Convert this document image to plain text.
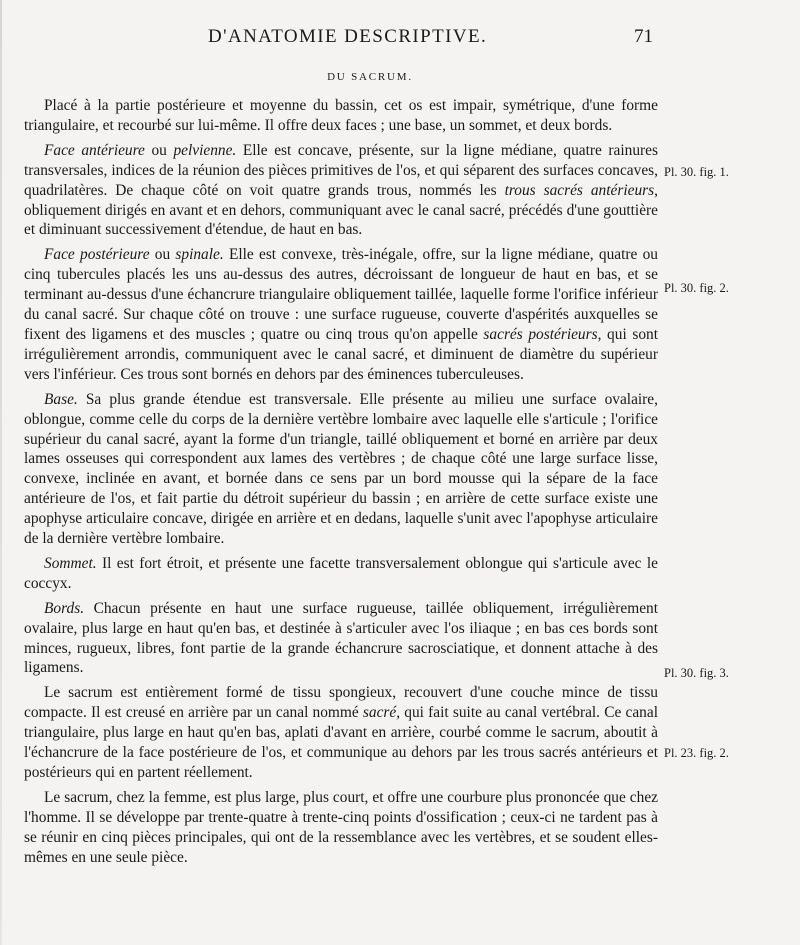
D'ANATOMIE DESCRIPTIVE.	71
DU SACRUM.

Placé à la partie postérieure et moyenne du bassin, cet os est impair, symétrique, d'une forme triangulaire, et recourbé sur lui-même. Il offre deux faces ; une base, un sommet, et deux bords.

Face antérieure ou pelvienne. Elle est concave, présente, sur la ligne médiane, quatre rainures transversales, indices de la réunion des pièces primitives de l'os, et qui séparent des surfaces concaves, quadrilatères. De chaque côté on voit quatre grands trous, nommés les trous sacrés antérieurs, obliquement dirigés en avant et en dehors, communiquant avec le canal sacré, précédés d'une gouttière et diminuant successivement d'étendue, de haut en bas.

Face postérieure ou spinale. Elle est convexe, très-inégale, offre, sur la ligne médiane, quatre ou cinq tubercules placés les uns au-dessus des autres, décroissant de longueur de haut en bas, et se terminant au-dessus d'une échancrure triangulaire obliquement taillée, laquelle forme l'orifice inférieur du canal sacré. Sur chaque côté on trouve : une surface rugueuse, couverte d'aspérités auxquelles se fixent des ligamens et des muscles ; quatre ou cinq trous qu'on appelle sacrés postérieurs, qui sont irrégulièrement arrondis, communiquent avec le canal sacré, et diminuent de diamètre du supérieur vers l'inférieur. Ces trous sont bornés en dehors par des éminences tuberculeuses.

Base. Sa plus grande étendue est transversale. Elle présente au milieu une surface ovalaire, oblongue, comme celle du corps de la dernière vertèbre lombaire avec laquelle elle s'articule ; l'orifice supérieur du canal sacré, ayant la forme d'un triangle, taillé obliquement et borné en arrière par deux lames osseuses qui correspondent aux lames des vertèbres ; de chaque côté une large surface lisse, convexe, inclinée en avant, et bornée dans ce sens par un bord mousse qui la sépare de la face antérieure de l'os, et fait partie du détroit supérieur du bassin ; en arrière de cette surface existe une apophyse articulaire concave, dirigée en arrière et en dedans, laquelle s'unit avec l'apophyse articulaire de la dernière vertèbre lombaire.

Sommet. Il est fort étroit, et présente une facette transversalement oblongue qui s'articule avec le coccyx.

Bords. Chacun présente en haut une surface rugueuse, taillée obliquement, irrégulièrement ovalaire, plus large en haut qu'en bas, et destinée à s'articuler avec l'os iliaque ; en bas ces bords sont minces, rugueux, libres, font partie de la grande échancrure sacrosciatique, et donnent attache à des ligamens.

Le sacrum est entièrement formé de tissu spongieux, recouvert d'une couche mince de tissu compacte. Il est creusé en arrière par un canal nommé sacré, qui fait suite au canal vertébral. Ce canal triangulaire, plus large en haut qu'en bas, aplati d'avant en arrière, courbé comme le sacrum, aboutit à l'échancrure de la face postérieure de l'os, et communique au dehors par les trous sacrés antérieurs et postérieurs qui en partent réellement.

Le sacrum, chez la femme, est plus large, plus court, et offre une courbure plus prononcée que chez l'homme. Il se développe par trente-quatre à trente-cinq points d'ossification ; ceux-ci ne tardent pas à se réunir en cinq pièces principales, qui ont de la ressemblance avec les vertèbres, et se soudent elles-mêmes en une seule pièce.

Pl. 30. fig. 1.
Pl. 30. fig. 2.
Pl. 30. fig. 3.
Pl. 23. fig. 2.
